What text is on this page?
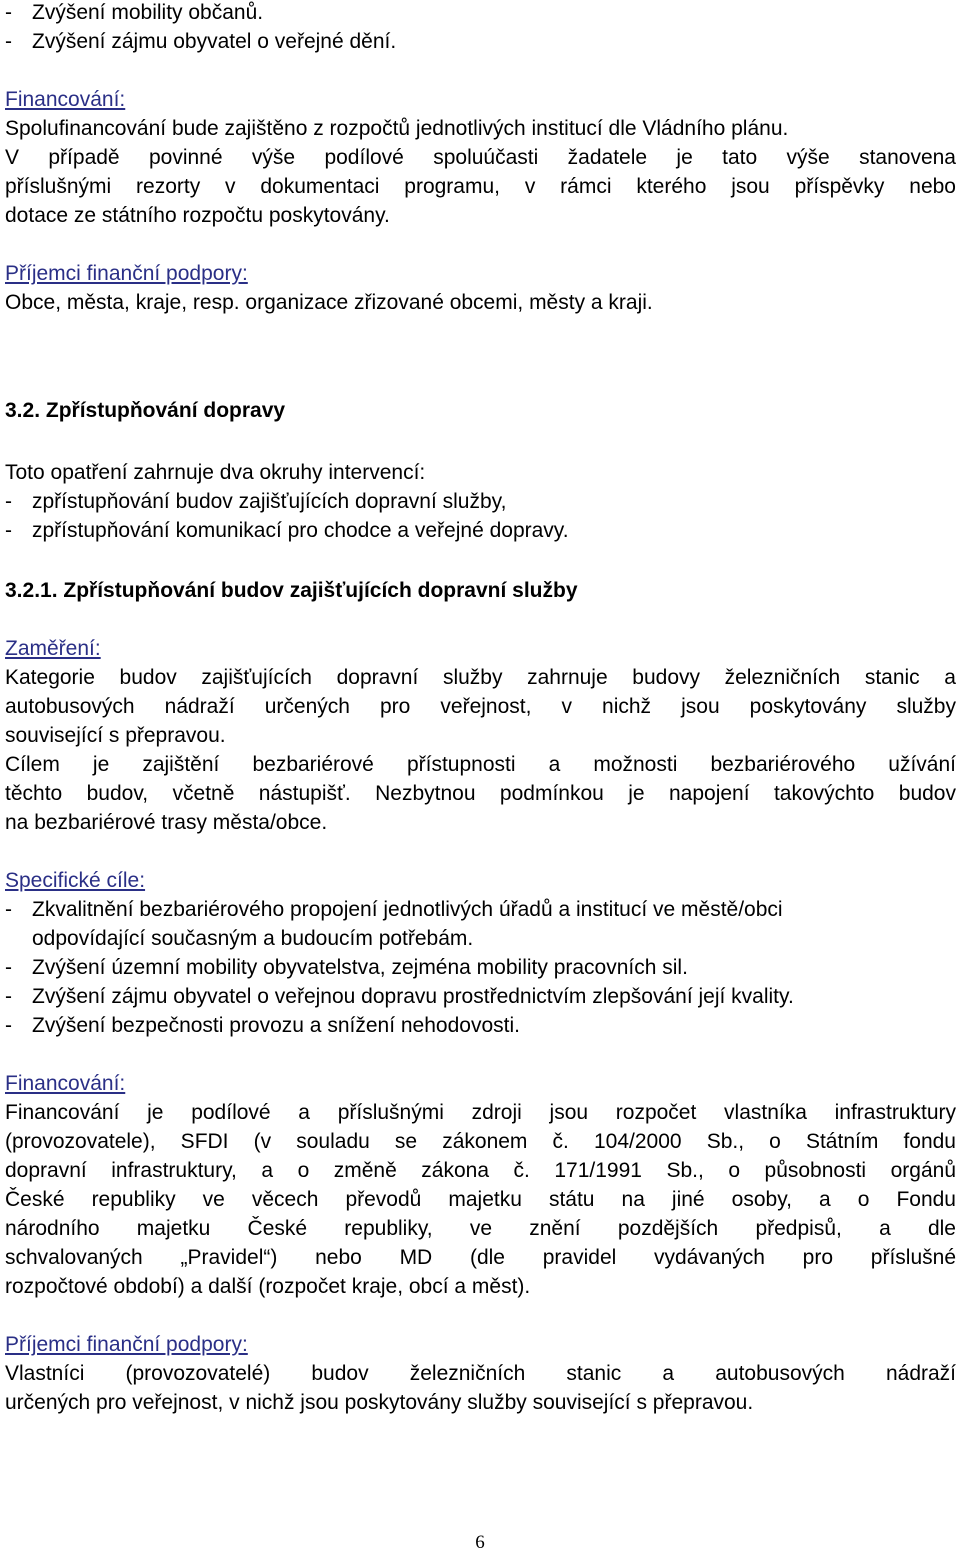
- Zvýšení mobility občanů.
- Zvýšení zájmu obyvatel o veřejné dění.
Financování:
Spolufinancování bude zajištěno z rozpočtů jednotlivých institucí dle Vládního plánu.
V případě povinné výše podílové spoluúčasti žadatele je tato výše stanovena
příslušnými rezorty v dokumentaci programu, v rámci kterého jsou příspěvky nebo
dotace ze státního rozpočtu poskytovány.
Příjemci finanční podpory:
Obce, města, kraje, resp. organizace zřizované obcemi, městy a kraji.
3.2. Zpřístupňování dopravy
Toto opatření zahrnuje dva okruhy intervencí:
- zpřístupňování budov zajišťujících dopravní služby,
- zpřístupňování komunikací pro chodce a veřejné dopravy.
3.2.1. Zpřístupňování budov zajišťujících dopravní služby
Zaměření:
Kategorie budov zajišťujících dopravní služby zahrnuje budovy železničních stanic a
autobusových nádraží určených pro veřejnost, v nichž jsou poskytovány služby
související s přepravou.
Cílem je zajištění bezbariérové přístupnosti a možnosti bezbariérového užívání
těchto budov, včetně nástupišť. Nezbytnou podmínkou je napojení takovýchto budov
na bezbariérové trasy města/obce.
Specifické cíle:
- Zkvalitnění bezbariérového propojení jednotlivých úřadů a institucí ve městě/obci
odpovídající současným a budoucím potřebám.
- Zvýšení územní mobility obyvatelstva, zejména mobility pracovních sil.
- Zvýšení zájmu obyvatel o veřejnou dopravu prostřednictvím zlepšování její kvality.
- Zvýšení bezpečnosti provozu a snížení nehodovosti.
Financování:
Financování je podílové a příslušnými zdroji jsou rozpočet vlastníka infrastruktury
(provozovatele), SFDI (v souladu se zákonem č. 104/2000 Sb., o Státním fondu
dopravní infrastruktury, a o změně zákona č. 171/1991 Sb., o působnosti orgánů
České republiky ve věcech převodů majetku státu na jiné osoby, a o Fondu
národního majetku České republiky, ve znění pozdějších předpisů, a dle
schvalovaných „Pravidel“) nebo MD (dle pravidel vydávaných pro příslušné
rozpočtové období) a další (rozpočet kraje, obcí a měst).
Příjemci finanční podpory:
Vlastníci (provozovatelé) budov železničních stanic a autobusových nádraží
určených pro veřejnost, v nichž jsou poskytovány služby související s přepravou.
6
